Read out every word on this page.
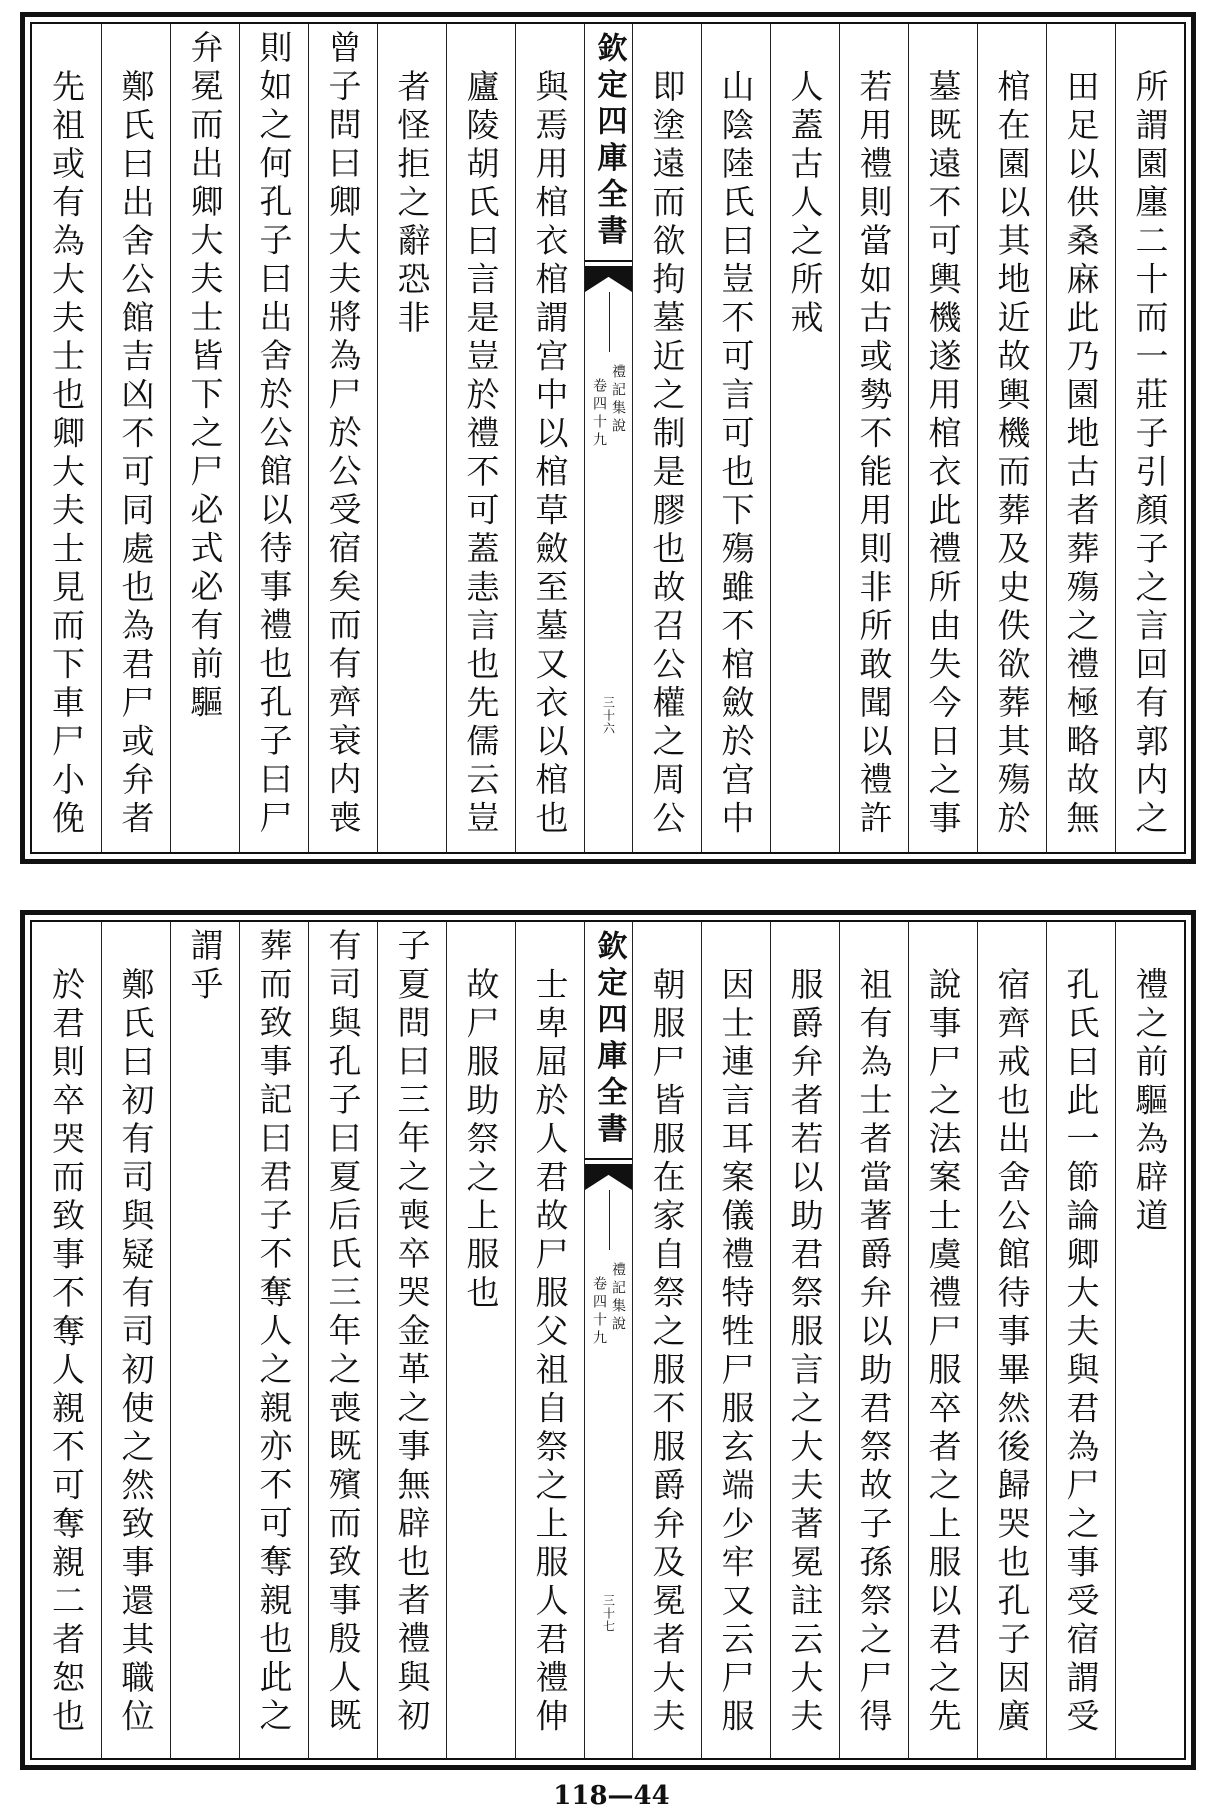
所謂園廛二十而一莊子引顏子之言回有郭内之
田足以供桑麻此乃園地古者葬殤之禮極略故無
棺在園以其地近故輿機而葬及史佚欲葬其殤於
墓既遠不可輿機遂用棺衣此禮所由失今日之事
若用禮則當如古或勢不能用則非所敢聞以禮許
人蓋古人之所戒
山陰陸氏曰豈不可言可也下殤雖不棺斂於宫中
即塗遠而欲拘墓近之制是膠也故召公權之周公
欽定四庫全書
禮記集說
卷四十九
三十六
與焉用棺衣棺謂宫中以棺草斂至墓又衣以棺也
廬陵胡氏曰言是豈於禮不可蓋恚言也先儒云豈
者怪拒之辭恐非
曾子問曰卿大夫將為尸於公受宿矣而有齊衰内喪
則如之何孔子曰出舍於公館以待事禮也孔子曰尸
弁冕而出卿大夫士皆下之尸必式必有前驅
鄭氏曰出舍公館吉凶不可同處也為君尸或弁者
先祖或有為大夫士也卿大夫士見而下車尸小俛
禮之前驅為辟道
孔氏曰此一節論卿大夫與君為尸之事受宿謂受
宿齊戒也出舍公館待事畢然後歸哭也孔子因廣
說事尸之法案士虞禮尸服卒者之上服以君之先
祖有為士者當著爵弁以助君祭故子孫祭之尸得
服爵弁者若以助君祭服言之大夫著冕註云大夫
因士連言耳案儀禮特牲尸服玄端少牢又云尸服
朝服尸皆服在家自祭之服不服爵弁及冕者大夫
欽定四庫全書
禮記集說
卷四十九
三十七
士卑屈於人君故尸服父祖自祭之上服人君禮伸
故尸服助祭之上服也
子夏問曰三年之喪卒哭金革之事無辟也者禮與初
有司與孔子曰夏后氏三年之喪既殯而致事殷人既
葬而致事記曰君子不奪人之親亦不可奪親也此之
謂乎
鄭氏曰初有司與疑有司初使之然致事還其職位
於君則卒哭而致事不奪人親不可奪親二者恕也
118—44
